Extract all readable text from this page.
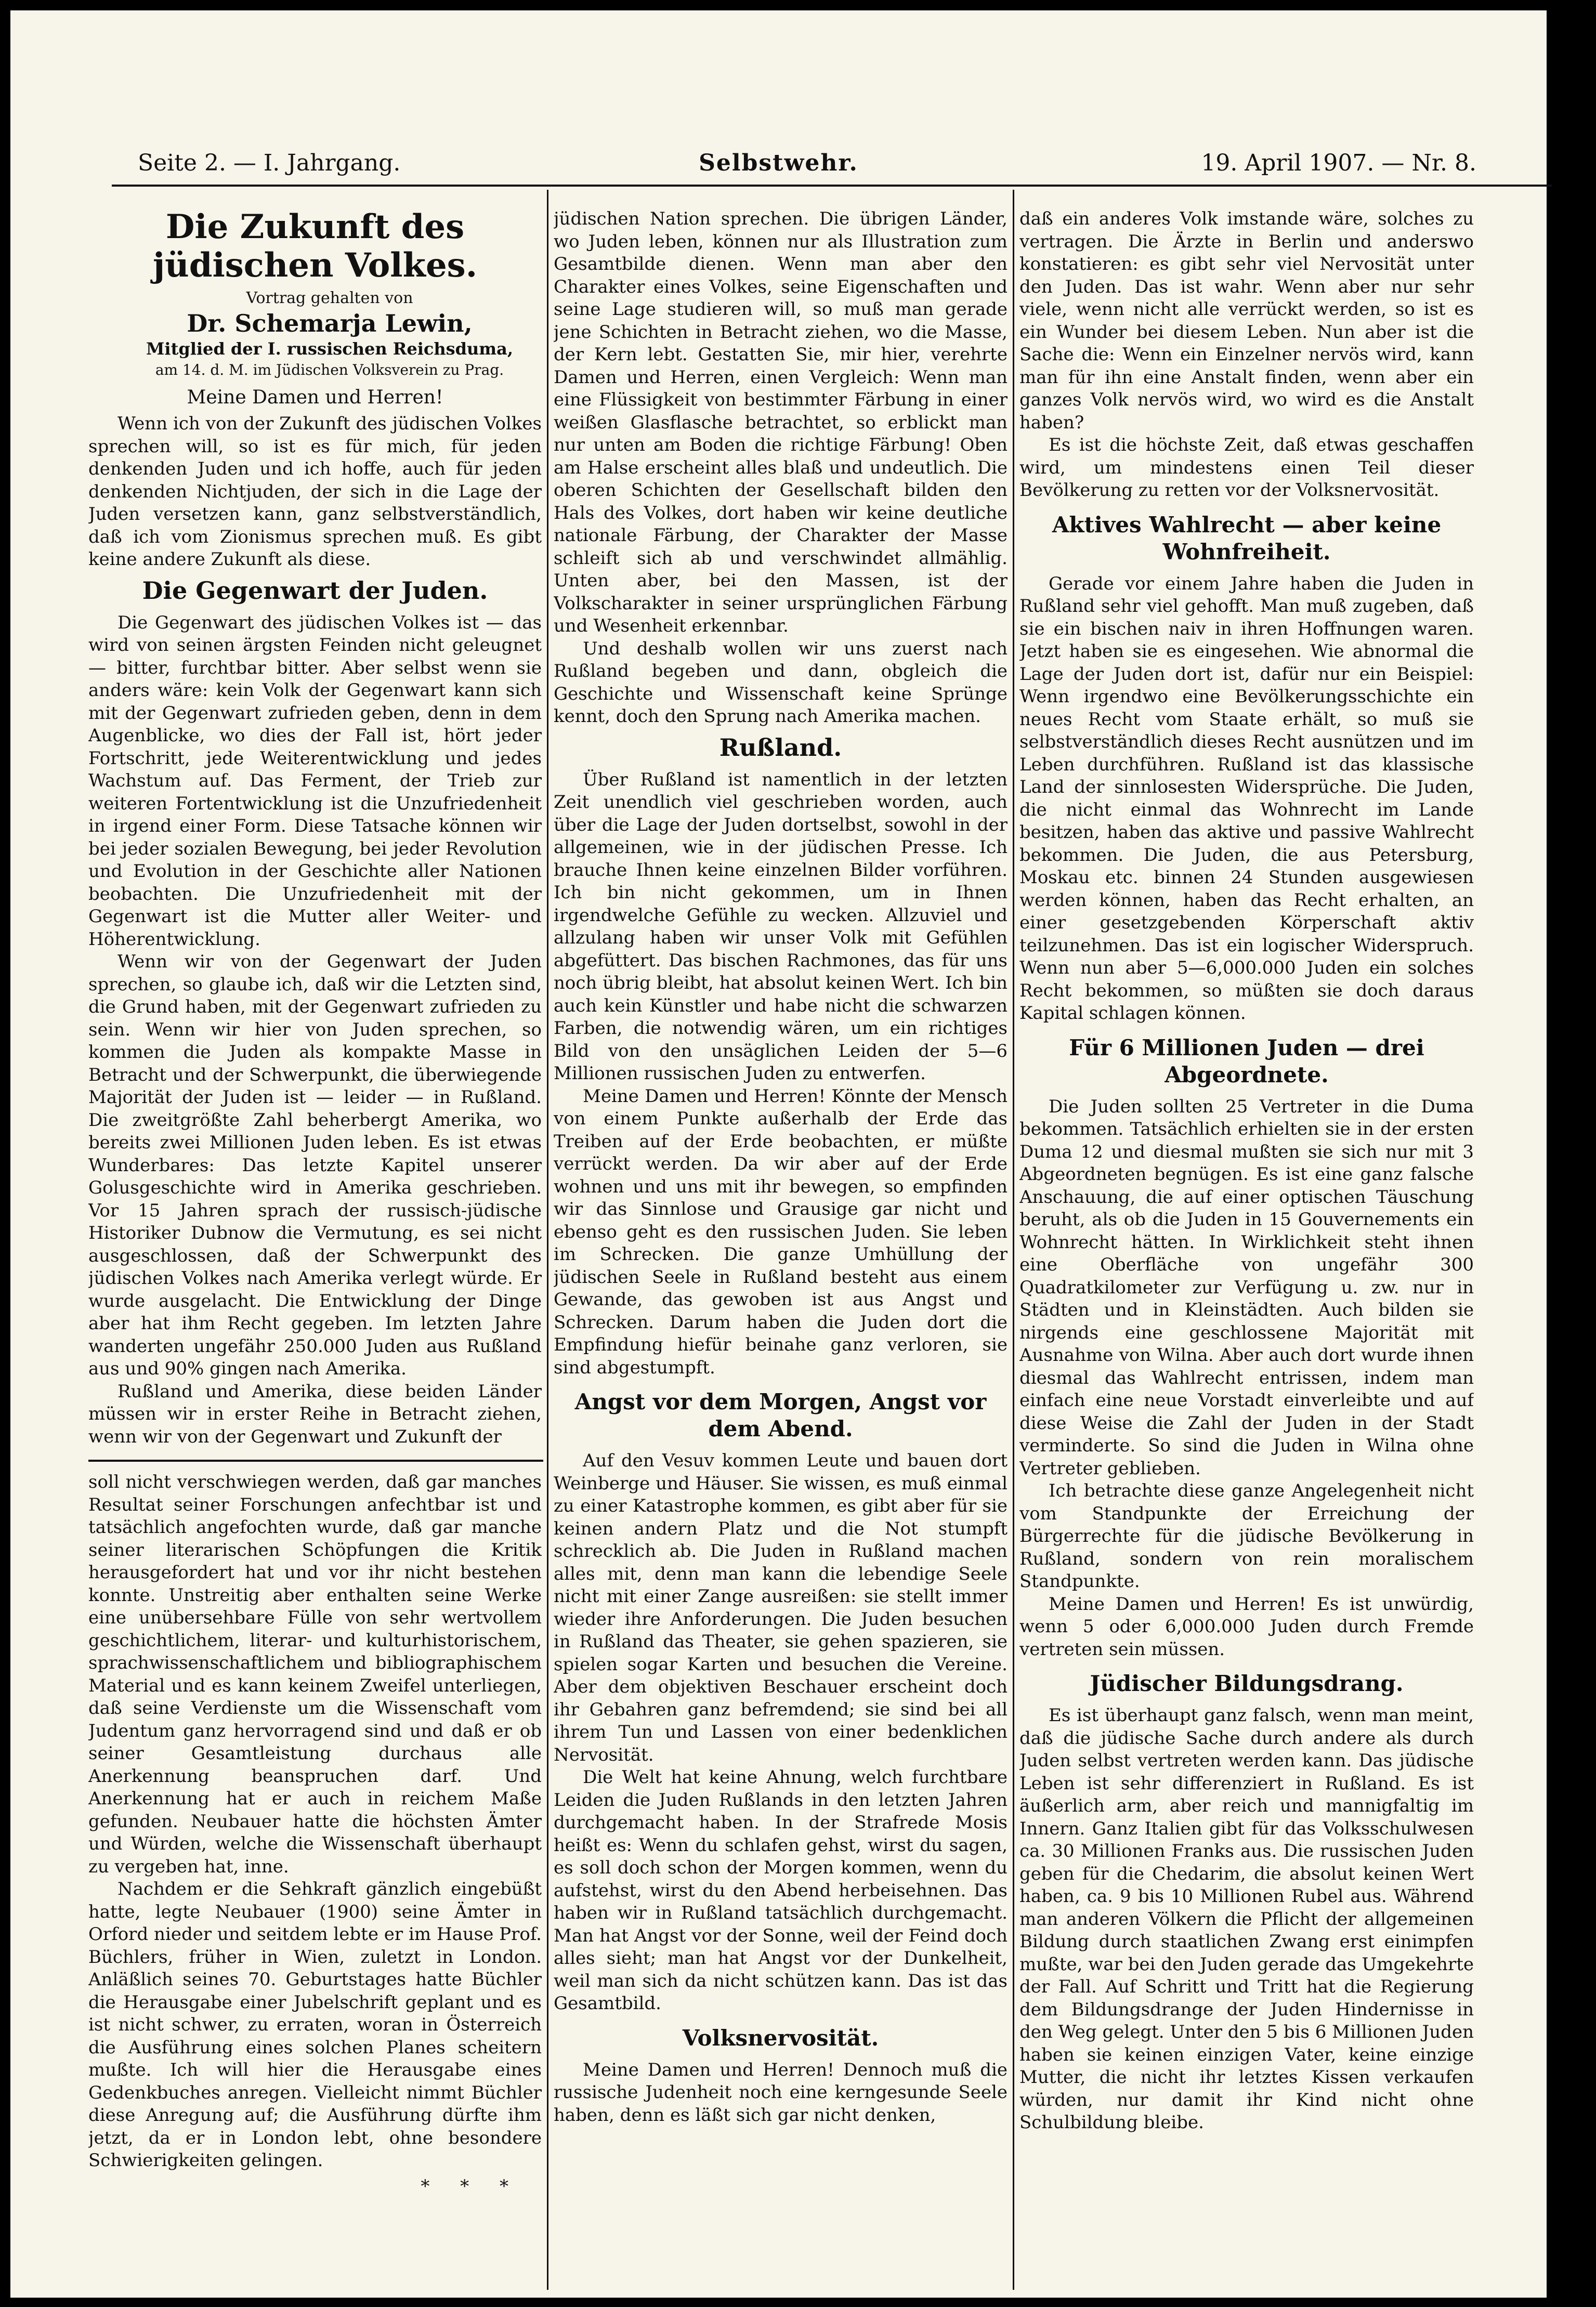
Seite 2. — I. Jahrgang.	Selbstwehr.	19. April 1907. — Nr. 8.
Die Zukunft des jüdischen Volkes.

Vortrag gehalten von

Dr. Schemarja Lewin,

Mitglied der I. russischen Reichsduma,

am 14. d. M. im Jüdischen Volksverein zu Prag.

Meine Damen und Herren!

Wenn ich von der Zukunft des jüdischen Volkes sprechen will, so ist es für mich, für jeden denkenden Juden und ich hoffe, auch für jeden denkenden Nichtjuden, der sich in die Lage der Juden versetzen kann, ganz selbstverständlich, daß ich vom Zionismus sprechen muß. Es gibt keine andere Zukunft als diese.

Die Gegenwart der Juden.

Die Gegenwart des jüdischen Volkes ist — das wird von seinen ärgsten Feinden nicht geleugnet — bitter, furchtbar bitter. Aber selbst wenn sie anders wäre: kein Volk der Gegenwart kann sich mit der Gegenwart zufrieden geben, denn in dem Augenblicke, wo dies der Fall ist, hört jeder Fortschritt, jede Weiterentwicklung und jedes Wachstum auf. Das Ferment, der Trieb zur weiteren Fortentwicklung ist die Unzufriedenheit in irgend einer Form. Diese Tatsache können wir bei jeder sozialen Bewegung, bei jeder Revolution und Evolution in der Geschichte aller Nationen beobachten. Die Unzufriedenheit mit der Gegenwart ist die Mutter aller Weiter- und Höherentwicklung.

Wenn wir von der Gegenwart der Juden sprechen, so glaube ich, daß wir die Letzten sind, die Grund haben, mit der Gegenwart zufrieden zu sein. Wenn wir hier von Juden sprechen, so kommen die Juden als kompakte Masse in Betracht und der Schwerpunkt, die überwiegende Majorität der Juden ist — leider — in Rußland. Die zweitgrößte Zahl beherbergt Amerika, wo bereits zwei Millionen Juden leben. Es ist etwas Wunderbares: Das letzte Kapitel unserer Golusgeschichte wird in Amerika geschrieben. Vor 15 Jahren sprach der russisch-jüdische Historiker Dubnow die Vermutung, es sei nicht ausgeschlossen, daß der Schwerpunkt des jüdischen Volkes nach Amerika verlegt würde. Er wurde ausgelacht. Die Entwicklung der Dinge aber hat ihm Recht gegeben. Im letzten Jahre wanderten ungefähr 250.000 Juden aus Rußland aus und 90% gingen nach Amerika.

Rußland und Amerika, diese beiden Länder müssen wir in erster Reihe in Betracht ziehen, wenn wir von der Gegenwart und Zukunft der

soll nicht verschwiegen werden, daß gar manches Resultat seiner Forschungen anfechtbar ist und tatsächlich angefochten wurde, daß gar manche seiner literarischen Schöpfungen die Kritik herausgefordert hat und vor ihr nicht bestehen konnte. Unstreitig aber enthalten seine Werke eine unübersehbare Fülle von sehr wertvollem geschichtlichem, literar- und kulturhistorischem, sprachwissenschaftlichem und bibliographischem Material und es kann keinem Zweifel unterliegen, daß seine Verdienste um die Wissenschaft vom Judentum ganz hervorragend sind und daß er ob seiner Gesamtleistung durchaus alle Anerkennung beanspruchen darf. Und Anerkennung hat er auch in reichem Maße gefunden. Neubauer hatte die höchsten Ämter und Würden, welche die Wissenschaft überhaupt zu vergeben hat, inne.

Nachdem er die Sehkraft gänzlich eingebüßt hatte, legte Neubauer (1900) seine Ämter in Orford nieder und seitdem lebte er im Hause Prof. Büchlers, früher in Wien, zuletzt in London. Anläßlich seines 70. Geburtstages hatte Büchler die Herausgabe einer Jubelschrift geplant und es ist nicht schwer, zu erraten, woran in Österreich die Ausführung eines solchen Planes scheitern mußte. Ich will hier die Herausgabe eines Gedenkbuches anregen. Vielleicht nimmt Büchler diese Anregung auf; die Ausführung dürfte ihm jetzt, da er in London lebt, ohne besondere Schwierigkeiten gelingen.

* * *

jüdischen Nation sprechen. Die übrigen Länder, wo Juden leben, können nur als Illustration zum Gesamtbilde dienen. Wenn man aber den Charakter eines Volkes, seine Eigenschaften und seine Lage studieren will, so muß man gerade jene Schichten in Betracht ziehen, wo die Masse, der Kern lebt. Gestatten Sie, mir hier, verehrte Damen und Herren, einen Vergleich: Wenn man eine Flüssigkeit von bestimmter Färbung in einer weißen Glasflasche betrachtet, so erblickt man nur unten am Boden die richtige Färbung! Oben am Halse erscheint alles blaß und undeutlich. Die oberen Schichten der Gesellschaft bilden den Hals des Volkes, dort haben wir keine deutliche nationale Färbung, der Charakter der Masse schleift sich ab und verschwindet allmählig. Unten aber, bei den Massen, ist der Volkscharakter in seiner ursprünglichen Färbung und Wesenheit erkennbar.

Und deshalb wollen wir uns zuerst nach Rußland begeben und dann, obgleich die Geschichte und Wissenschaft keine Sprünge kennt, doch den Sprung nach Amerika machen.

Rußland.

Über Rußland ist namentlich in der letzten Zeit unendlich viel geschrieben worden, auch über die Lage der Juden dortselbst, sowohl in der allgemeinen, wie in der jüdischen Presse. Ich brauche Ihnen keine einzelnen Bilder vorführen. Ich bin nicht gekommen, um in Ihnen irgendwelche Gefühle zu wecken. Allzuviel und allzulang haben wir unser Volk mit Gefühlen abgefüttert. Das bischen Rachmones, das für uns noch übrig bleibt, hat absolut keinen Wert. Ich bin auch kein Künstler und habe nicht die schwarzen Farben, die notwendig wären, um ein richtiges Bild von den unsäglichen Leiden der 5—6 Millionen russischen Juden zu entwerfen.

Meine Damen und Herren! Könnte der Mensch von einem Punkte außerhalb der Erde das Treiben auf der Erde beobachten, er müßte verrückt werden. Da wir aber auf der Erde wohnen und uns mit ihr bewegen, so empfinden wir das Sinnlose und Grausige gar nicht und ebenso geht es den russischen Juden. Sie leben im Schrecken. Die ganze Umhüllung der jüdischen Seele in Rußland besteht aus einem Gewande, das gewoben ist aus Angst und Schrecken. Darum haben die Juden dort die Empfindung hiefür beinahe ganz verloren, sie sind abgestumpft.

Angst vor dem Morgen, Angst vor dem Abend.

Auf den Vesuv kommen Leute und bauen dort Weinberge und Häuser. Sie wissen, es muß einmal zu einer Katastrophe kommen, es gibt aber für sie keinen andern Platz und die Not stumpft schrecklich ab. Die Juden in Rußland machen alles mit, denn man kann die lebendige Seele nicht mit einer Zange ausreißen: sie stellt immer wieder ihre Anforderungen. Die Juden besuchen in Rußland das Theater, sie gehen spazieren, sie spielen sogar Karten und besuchen die Vereine. Aber dem objektiven Beschauer erscheint doch ihr Gebahren ganz befremdend; sie sind bei all ihrem Tun und Lassen von einer bedenklichen Nervosität.

Die Welt hat keine Ahnung, welch furchtbare Leiden die Juden Rußlands in den letzten Jahren durchgemacht haben. In der Strafrede Mosis heißt es: Wenn du schlafen gehst, wirst du sagen, es soll doch schon der Morgen kommen, wenn du aufstehst, wirst du den Abend herbeisehnen. Das haben wir in Rußland tatsächlich durchgemacht. Man hat Angst vor der Sonne, weil der Feind doch alles sieht; man hat Angst vor der Dunkelheit, weil man sich da nicht schützen kann. Das ist das Gesamtbild.

Volksnervosität.

Meine Damen und Herren! Dennoch muß die russische Judenheit noch eine kerngesunde Seele haben, denn es läßt sich gar nicht denken,

daß ein anderes Volk imstande wäre, solches zu vertragen. Die Ärzte in Berlin und anderswo konstatieren: es gibt sehr viel Nervosität unter den Juden. Das ist wahr. Wenn aber nur sehr viele, wenn nicht alle verrückt werden, so ist es ein Wunder bei diesem Leben. Nun aber ist die Sache die: Wenn ein Einzelner nervös wird, kann man für ihn eine Anstalt finden, wenn aber ein ganzes Volk nervös wird, wo wird es die Anstalt haben?

Es ist die höchste Zeit, daß etwas geschaffen wird, um mindestens einen Teil dieser Bevölkerung zu retten vor der Volksnervosität.

Aktives Wahlrecht — aber keine Wohnfreiheit.

Gerade vor einem Jahre haben die Juden in Rußland sehr viel gehofft. Man muß zugeben, daß sie ein bischen naiv in ihren Hoffnungen waren. Jetzt haben sie es eingesehen. Wie abnormal die Lage der Juden dort ist, dafür nur ein Beispiel: Wenn irgendwo eine Bevölkerungsschichte ein neues Recht vom Staate erhält, so muß sie selbstverständlich dieses Recht ausnützen und im Leben durchführen. Rußland ist das klassische Land der sinnlosesten Widersprüche. Die Juden, die nicht einmal das Wohnrecht im Lande besitzen, haben das aktive und passive Wahlrecht bekommen. Die Juden, die aus Petersburg, Moskau etc. binnen 24 Stunden ausgewiesen werden können, haben das Recht erhalten, an einer gesetzgebenden Körperschaft aktiv teilzunehmen. Das ist ein logischer Widerspruch. Wenn nun aber 5—6,000.000 Juden ein solches Recht bekommen, so müßten sie doch daraus Kapital schlagen können.

Für 6 Millionen Juden — drei Abgeordnete.

Die Juden sollten 25 Vertreter in die Duma bekommen. Tatsächlich erhielten sie in der ersten Duma 12 und diesmal mußten sie sich nur mit 3 Abgeordneten begnügen. Es ist eine ganz falsche Anschauung, die auf einer optischen Täuschung beruht, als ob die Juden in 15 Gouvernements ein Wohnrecht hätten. In Wirklichkeit steht ihnen eine Oberfläche von ungefähr 300 Quadratkilometer zur Verfügung u. zw. nur in Städten und in Kleinstädten. Auch bilden sie nirgends eine geschlossene Majorität mit Ausnahme von Wilna. Aber auch dort wurde ihnen diesmal das Wahlrecht entrissen, indem man einfach eine neue Vorstadt einverleibte und auf diese Weise die Zahl der Juden in der Stadt verminderte. So sind die Juden in Wilna ohne Vertreter geblieben.

Ich betrachte diese ganze Angelegenheit nicht vom Standpunkte der Erreichung der Bürgerrechte für die jüdische Bevölkerung in Rußland, sondern von rein moralischem Standpunkte.

Meine Damen und Herren! Es ist unwürdig, wenn 5 oder 6,000.000 Juden durch Fremde vertreten sein müssen.

Jüdischer Bildungsdrang.

Es ist überhaupt ganz falsch, wenn man meint, daß die jüdische Sache durch andere als durch Juden selbst vertreten werden kann. Das jüdische Leben ist sehr differenziert in Rußland. Es ist äußerlich arm, aber reich und mannigfaltig im Innern. Ganz Italien gibt für das Volksschulwesen ca. 30 Millionen Franks aus. Die russischen Juden geben für die Chedarim, die absolut keinen Wert haben, ca. 9 bis 10 Millionen Rubel aus. Während man anderen Völkern die Pflicht der allgemeinen Bildung durch staatlichen Zwang erst einimpfen mußte, war bei den Juden gerade das Umgekehrte der Fall. Auf Schritt und Tritt hat die Regierung dem Bildungsdrange der Juden Hindernisse in den Weg gelegt. Unter den 5 bis 6 Millionen Juden haben sie keinen einzigen Vater, keine einzige Mutter, die nicht ihr letztes Kissen verkaufen würden, nur damit ihr Kind nicht ohne Schulbildung bleibe.
